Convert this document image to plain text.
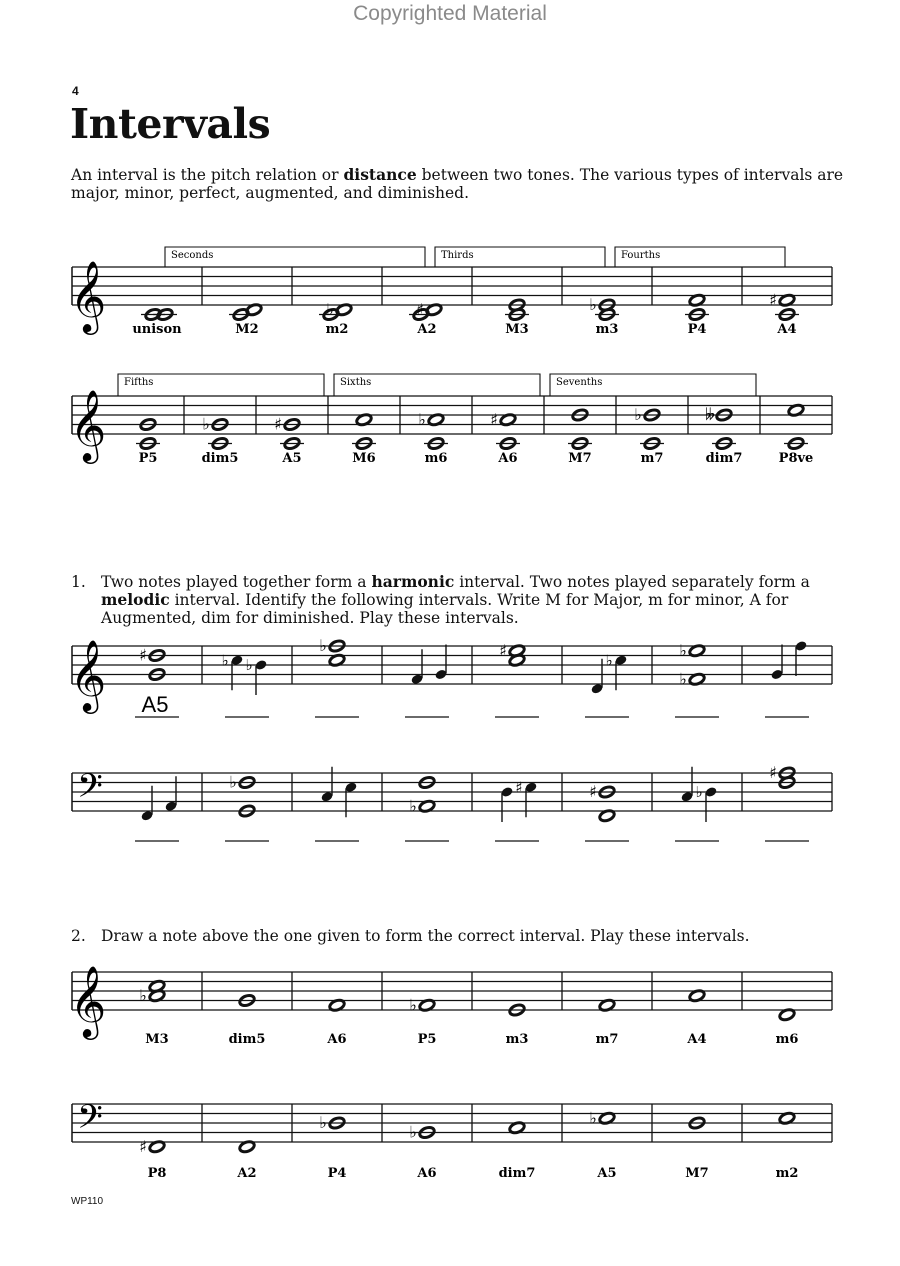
Copyrighted Material
4
Intervals
An interval is the pitch relation or distance between two tones. The various types of intervals are major, minor, perfect, augmented, and diminished.
1. Two notes played together form a harmonic interval. Two notes played separately form a melodic interval. Identify the following intervals. Write M for Major, m for minor, A for Augmented, dim for diminished. Play these intervals.
2. Draw a note above the one given to form the correct interval. Play these intervals.
WP110
𝄞
𝄞
𝄞
𝄢
𝄞
𝄢
♭	♯	♭	♯
♭	♯	♭	♯	♭	𝄫
♯	♭ ♭
♭	♯
♭
♭
♭
♭
♭
♯	♯	♭
♯
♭	♭
♯
♭	♭
♭
unison	M2	m2	A2	M3	m3	P4	A4
Seconds	Thirds	Fourths
P5	dim5	A5	M6	m6	A6	M7	m7	dim7	P8ve
Fifths	Sixths	Sevenths
A5
M3	dim5	A6	P5	m3	m7	A4	m6
P8	A2	P4	A6	dim7	A5	M7	m2
